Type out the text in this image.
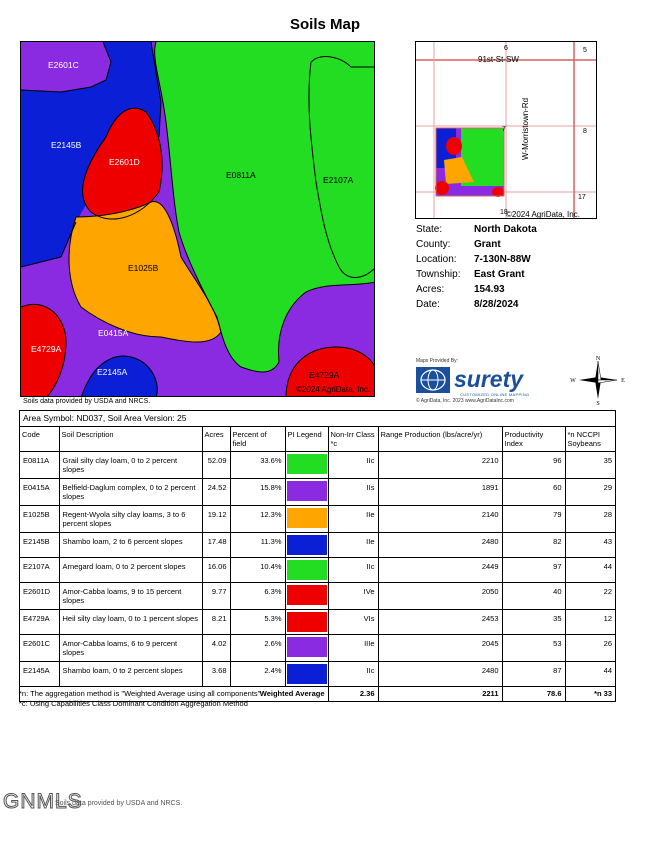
Soils Map
E2601C
E2145B
E2601D
E0811A	E2107A
E1025B
E0415A
E4729A
E2145A	E4729A
©2024 AgriData, Inc.
Soils data provided by USDA and NRCS.
6	5
91st-St-SW
7	8
W-Morristown-Rd
18
17
©2024 AgriData, Inc.
State:	North Dakota
County:	Grant
Location:	7-130N-88W
Township:	East Grant
Acres:	154.93
Date:	8/28/2024
Maps Provided By:
surety
CUSTOMIZED ONLINE MAPPING
© AgriData, Inc. 2023 www.AgriDataInc.com
N
S
W	E
Area Symbol: ND037, Soil Area Version: 25
Code	Soil Description	Acres	Percent of field	PI Legend	Non-Irr Class *c	Range Production (lbs/acre/yr)	Productivity Index	*n NCCPI Soybeans
E0811A	Grail silty clay loam, 0 to 2 percent slopes	52.09	33.6%		IIc	2210	96	35
E0415A	Belfield-Daglum complex, 0 to 2 percent slopes	24.52	15.8%		IIs	1891	60	29
E1025B	Regent-Wyola silty clay loams, 3 to 6 percent slopes	19.12	12.3%		IIe	2140	79	28
E2145B	Shambo loam, 2 to 6 percent slopes	17.48	11.3%		IIe	2480	82	43
E2107A	Arnegard loam, 0 to 2 percent slopes	16.06	10.4%		IIc	2449	97	44
E2601D	Amor-Cabba loams, 9 to 15 percent slopes	9.77	6.3%		IVe	2050	40	22
E4729A	Heil silty clay loam, 0 to 1 percent slopes	8.21	5.3%		VIs	2453	35	12
E2601C	Amor-Cabba loams, 6 to 9 percent slopes	4.02	2.6%		IIIe	2045	53	26
E2145A	Shambo loam, 0 to 2 percent slopes	3.68	2.4%		IIc	2480	87	44
Weighted Average					2.36	2211	78.6	*n 33
*n: The aggregation method is "Weighted Average using all components"
*c: Using Capabilities Class Dominant Condition Aggregation Method
GNMLS
Soils data provided by USDA and NRCS.
